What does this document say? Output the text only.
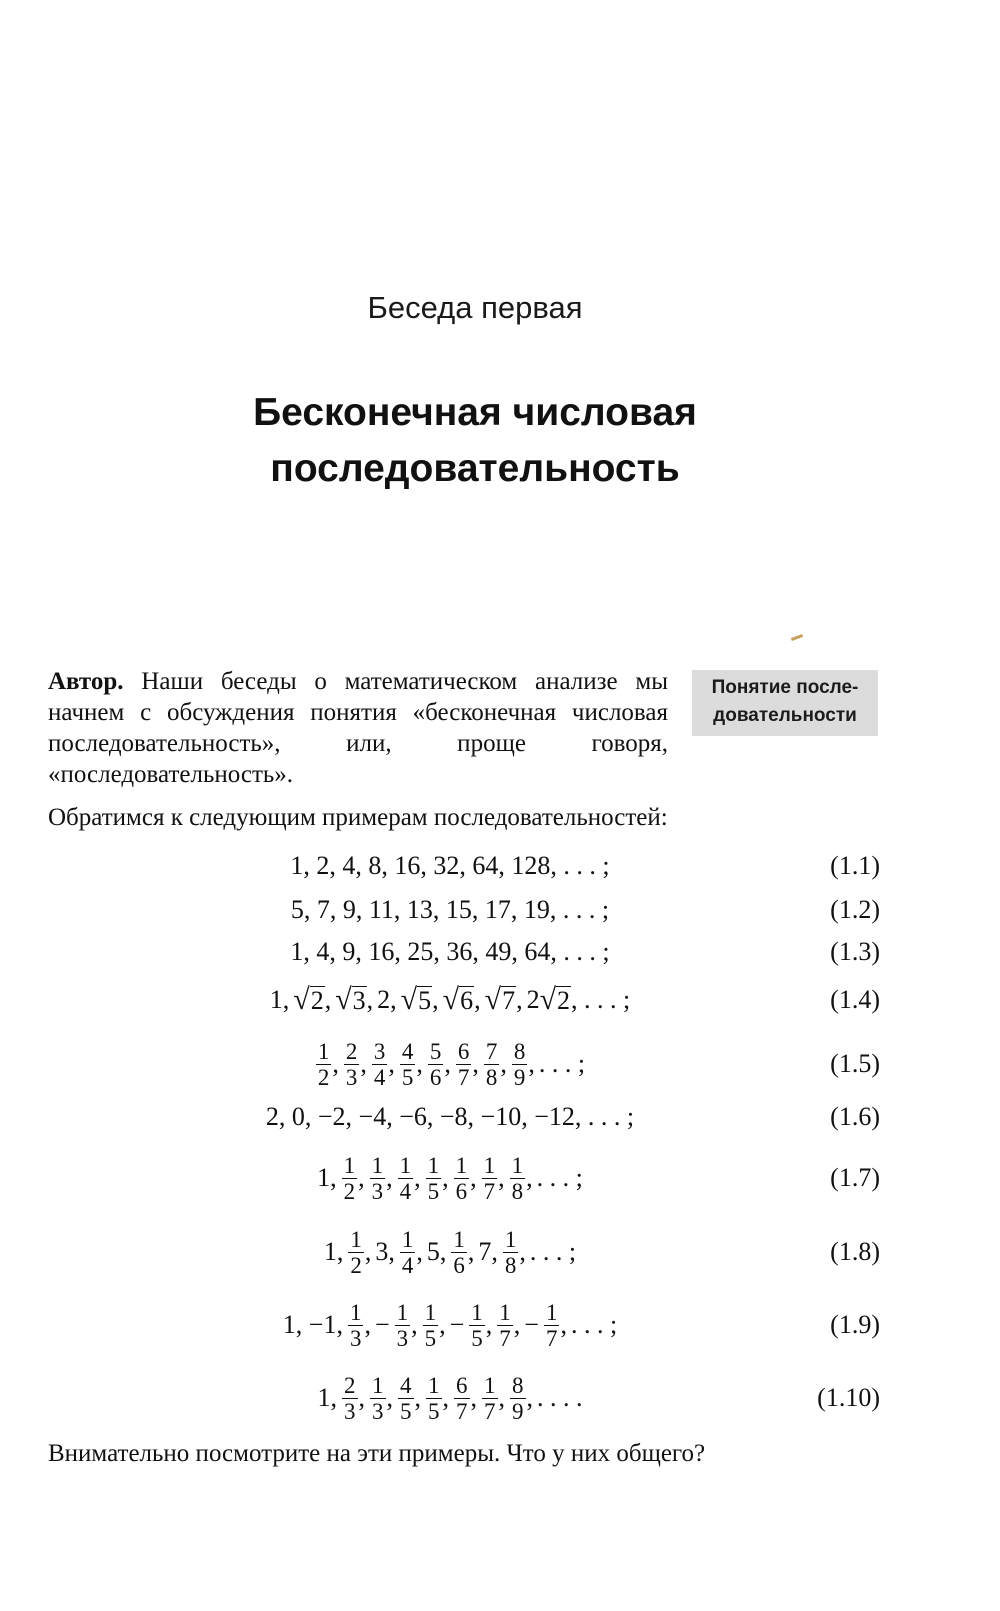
Беседа первая
Бесконечная числовая
последовательность
Автор. Наши беседы о математическом анализе мы начнем с обсуждения понятия «бесконечная числовая последовательность», или, проще говоря, «последовательность».
Понятие после-
довательности
Обратимся к следующим примерам последовательностей:
1, 2, 4, 8, 16, 32, 64, 128, . . . ;	(1.1)
5, 7, 9, 11, 13, 15, 17, 19, . . . ;	(1.2)
1, 4, 9, 16, 25, 36, 49, 64, . . . ;	(1.3)
1, √ 2 , √ 3 , 2, √ 5 , √ 6 , √ 7 , 2 √ 2 , . . . ;	(1.4)
$\frac{1}{2}$ , $\frac{2}{3}$ , $\frac{3}{4}$ , $\frac{4}{5}$ , $\frac{5}{6}$ , $\frac{6}{7}$ , $\frac{7}{8}$ , $\frac{8}{9}$ , . . . ;	(1.5)
2, 0, −2, −4, −6, −8, −10, −12, . . . ;	(1.6)
1, $\frac{1}{2}$ , $\frac{1}{3}$ , $\frac{1}{4}$ , $\frac{1}{5}$ , $\frac{1}{6}$ , $\frac{1}{7}$ , $\frac{1}{8}$ , . . . ;	(1.7)
1, $\frac{1}{2}$ , 3, $\frac{1}{4}$ , 5, $\frac{1}{6}$ , 7, $\frac{1}{8}$ , . . . ;	(1.8)
1, −1, $\frac{1}{3}$ , − $\frac{1}{3}$ , $\frac{1}{5}$ , − $\frac{1}{5}$ , $\frac{1}{7}$ , − $\frac{1}{7}$ , . . . ;	(1.9)
1, $\frac{2}{3}$ , $\frac{1}{3}$ , $\frac{4}{5}$ , $\frac{1}{5}$ , $\frac{6}{7}$ , $\frac{1}{7}$ , $\frac{8}{9}$ , . . . .	(1.10)
Внимательно посмотрите на эти примеры. Что у них общего?
